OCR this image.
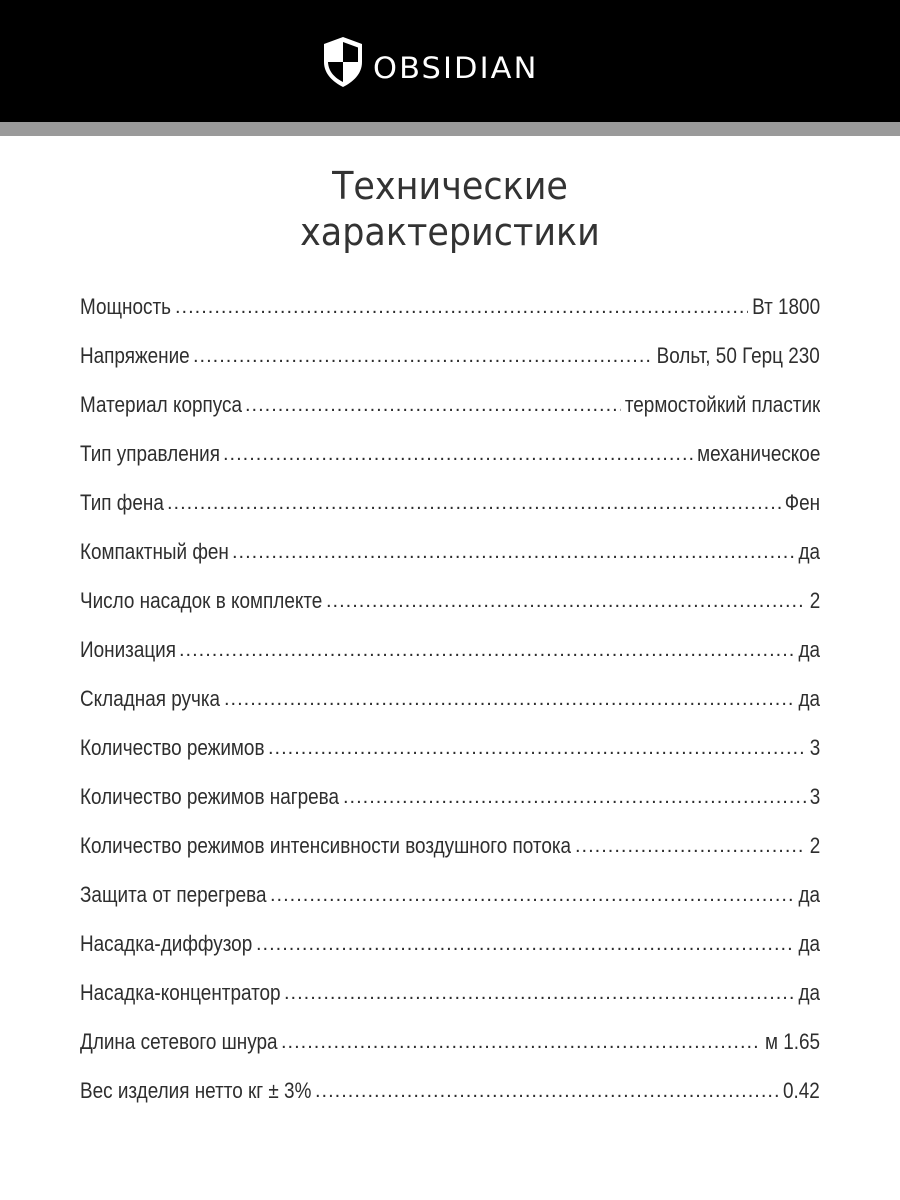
OBSIDIAN
Технические
характеристики
Мощность .....	1800 Вт
Напряжение .....	230 Вольт, 50 Герц
Материал корпуса .....	термостойкий пластик
Тип управления .....	механическое
Тип фена .....	Фен
Компактный фен .....	да
Число насадок в комплекте .....	2
Ионизация .....	да
Складная ручка .....	да
Количество режимов .....	3
Количество режимов нагрева .....	3
Количество режимов интенсивности воздушного потока .....	2
Защита от перегрева .....	да
Насадка-диффузор .....	да
Насадка-концентратор .....	да
Длина сетевого шнура .....	1.65 м
Вес изделия нетто кг ± 3% .....	0.42
